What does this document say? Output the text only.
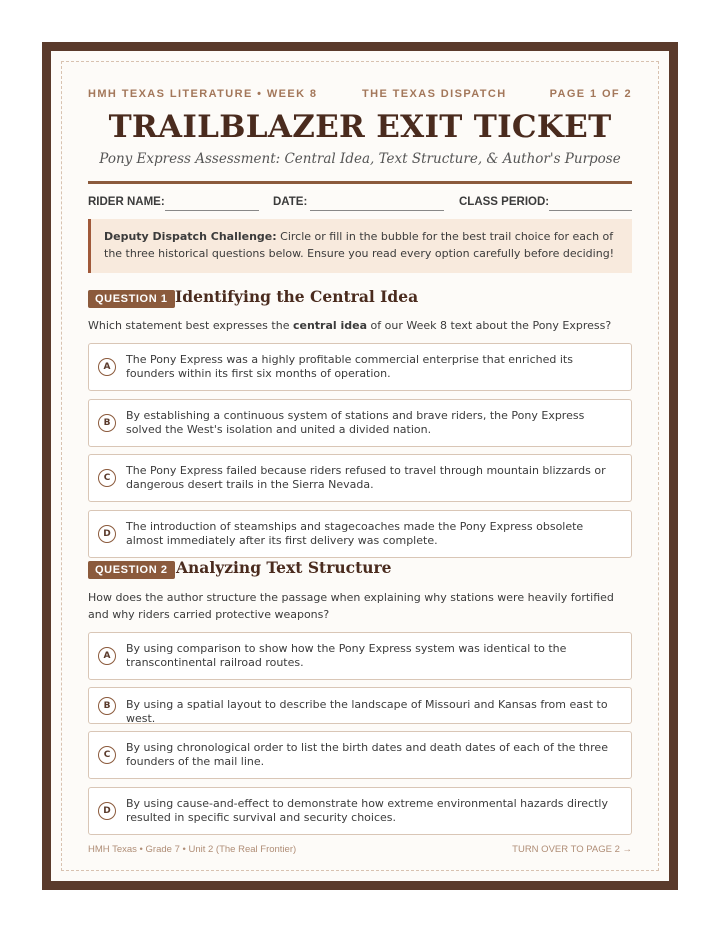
HMH TEXAS LITERATURE • WEEK 8	THE TEXAS DISPATCH	PAGE 1 OF 2
TRAILBLAZER EXIT TICKET
Pony Express Assessment: Central Idea, Text Structure, & Author's Purpose
RIDER NAME:	DATE:	CLASS PERIOD:
Deputy Dispatch Challenge: Circle or fill in the bubble for the best trail choice for each of the three historical questions below. Ensure you read every option carefully before deciding!
QUESTION 1 Identifying the Central Idea
Which statement best expresses the central idea of our Week 8 text about the Pony Express?
A
The Pony Express was a highly profitable commercial enterprise that enriched its founders within its first six months of operation.
B
By establishing a continuous system of stations and brave riders, the Pony Express solved the West's isolation and united a divided nation.
C
The Pony Express failed because riders refused to travel through mountain blizzards or dangerous desert trails in the Sierra Nevada.
D
The introduction of steamships and stagecoaches made the Pony Express obsolete almost immediately after its first delivery was complete.
QUESTION 2 Analyzing Text Structure
How does the author structure the passage when explaining why stations were heavily fortified and why riders carried protective weapons?
A
By using comparison to show how the Pony Express system was identical to the transcontinental railroad routes.
B	By using a spatial layout to describe the landscape of Missouri and Kansas from east to west.
C
By using chronological order to list the birth dates and death dates of each of the three founders of the mail line.
D
By using cause-and-effect to demonstrate how extreme environmental hazards directly resulted in specific survival and security choices.
HMH Texas • Grade 7 • Unit 2 (The Real Frontier)	TURN OVER TO PAGE 2 →
